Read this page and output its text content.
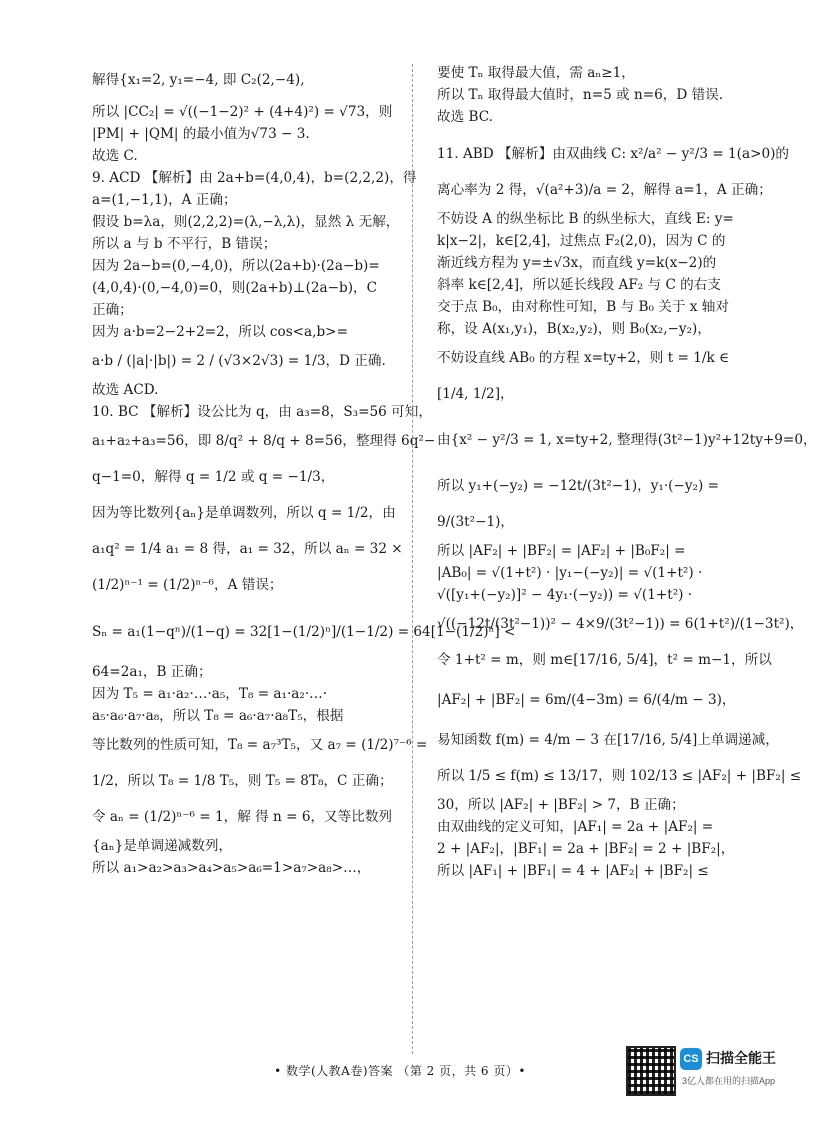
解得{x₁=2, y₁=−4, 即 C₂(2,−4),
所以 |CC₂| = √((−1−2)² + (4+4)²) = √73，则
|PM| + |QM| 的最小值为√73 − 3.
故选 C.
9. ACD 【解析】由 2a+b=(4,0,4)，b=(2,2,2)，得
a=(1,−1,1)，A 正确；
假设 b=λa，则(2,2,2)=(λ,−λ,λ)，显然 λ 无解，
所以 a 与 b 不平行，B 错误；
因为 2a−b=(0,−4,0)，所以(2a+b)·(2a−b)=
(4,0,4)·(0,−4,0)=0，则(2a+b)⊥(2a−b)，C
正确；
因为 a·b=2−2+2=2，所以 cos<a,b>=
a·b / (|a|·|b|) = 2 / (√3×2√3) = 1/3，D 正确.
故选 ACD.
10. BC 【解析】设公比为 q，由 a₃=8，S₃=56 可知，
a₁+a₂+a₃=56，即 8/q² + 8/q + 8=56，整理得 6q²−
q−1=0，解得 q = 1/2 或 q = −1/3，
因为等比数列{aₙ}是单调数列，所以 q = 1/2，由
a₁q² = 1/4 a₁ = 8 得，a₁ = 32，所以 aₙ = 32 ×
(1/2)ⁿ⁻¹ = (1/2)ⁿ⁻⁶，A 错误；
Sₙ = a₁(1−qⁿ)/(1−q) = 32[1−(1/2)ⁿ]/(1−1/2) = 64[1−(1/2)ⁿ] <
64=2a₁，B 正确；
因为 T₅ = a₁·a₂·…·a₅，T₈ = a₁·a₂·…·
a₅·a₆·a₇·a₈，所以 T₈ = a₆·a₇·a₈T₅，根据
等比数列的性质可知，T₈ = a₇³T₅，又 a₇ = (1/2)⁷⁻⁶ =
1/2，所以 T₈ = 1/8 T₅，则 T₅ = 8T₈，C 正确；
令 aₙ = (1/2)ⁿ⁻⁶ = 1，解 得 n = 6，又等比数列
{aₙ}是单调递减数列，
所以 a₁>a₂>a₃>a₄>a₅>a₆=1>a₇>a₈>…，
要使 Tₙ 取得最大值，需 aₙ≥1，
所以 Tₙ 取得最大值时，n=5 或 n=6，D 错误.
故选 BC.
11. ABD 【解析】由双曲线 C: x²/a² − y²/3 = 1(a>0)的
离心率为 2 得，√(a²+3)/a = 2，解得 a=1，A 正确；
不妨设 A 的纵坐标比 B 的纵坐标大，直线 E: y=
k|x−2|，k∈[2,4]，过焦点 F₂(2,0)，因为 C 的
渐近线方程为 y=±√3x，而直线 y=k(x−2)的
斜率 k∈[2,4]，所以延长线段 AF₂ 与 C 的右支
交于点 B₀，由对称性可知，B 与 B₀ 关于 x 轴对
称，设 A(x₁,y₁)，B(x₂,y₂)，则 B₀(x₂,−y₂)，
不妨设直线 AB₀ 的方程 x=ty+2，则 t = 1/k ∈
[1/4, 1/2]，
由{x² − y²/3 = 1, x=ty+2, 整理得(3t²−1)y²+12ty+9=0，
所以 y₁+(−y₂) = −12t/(3t²−1)，y₁·(−y₂) =
9/(3t²−1)，
所以 |AF₂| + |BF₂| = |AF₂| + |B₀F₂| =
|AB₀| = √(1+t²) · |y₁−(−y₂)| = √(1+t²) ·
√([y₁+(−y₂)]² − 4y₁·(−y₂)) = √(1+t²) ·
√((−12t/(3t²−1))² − 4×9/(3t²−1)) = 6(1+t²)/(1−3t²)，
令 1+t² = m，则 m∈[17/16, 5/4]，t² = m−1，所以
|AF₂| + |BF₂| = 6m/(4−3m) = 6/(4/m − 3)，
易知函数 f(m) = 4/m − 3 在[17/16, 5/4]上单调递减，
所以 1/5 ≤ f(m) ≤ 13/17，则 102/13 ≤ |AF₂| + |BF₂| ≤
30，所以 |AF₂| + |BF₂| > 7，B 正确；
由双曲线的定义可知，|AF₁| = 2a + |AF₂| =
2 + |AF₂|，|BF₁| = 2a + |BF₂| = 2 + |BF₂|，
所以 |AF₁| + |BF₁| = 4 + |AF₂| + |BF₂| ≤
• 数学(人教A卷)答案 （第 2 页，共 6 页）•
CS 扫描全能王
3亿人都在用的扫描App
